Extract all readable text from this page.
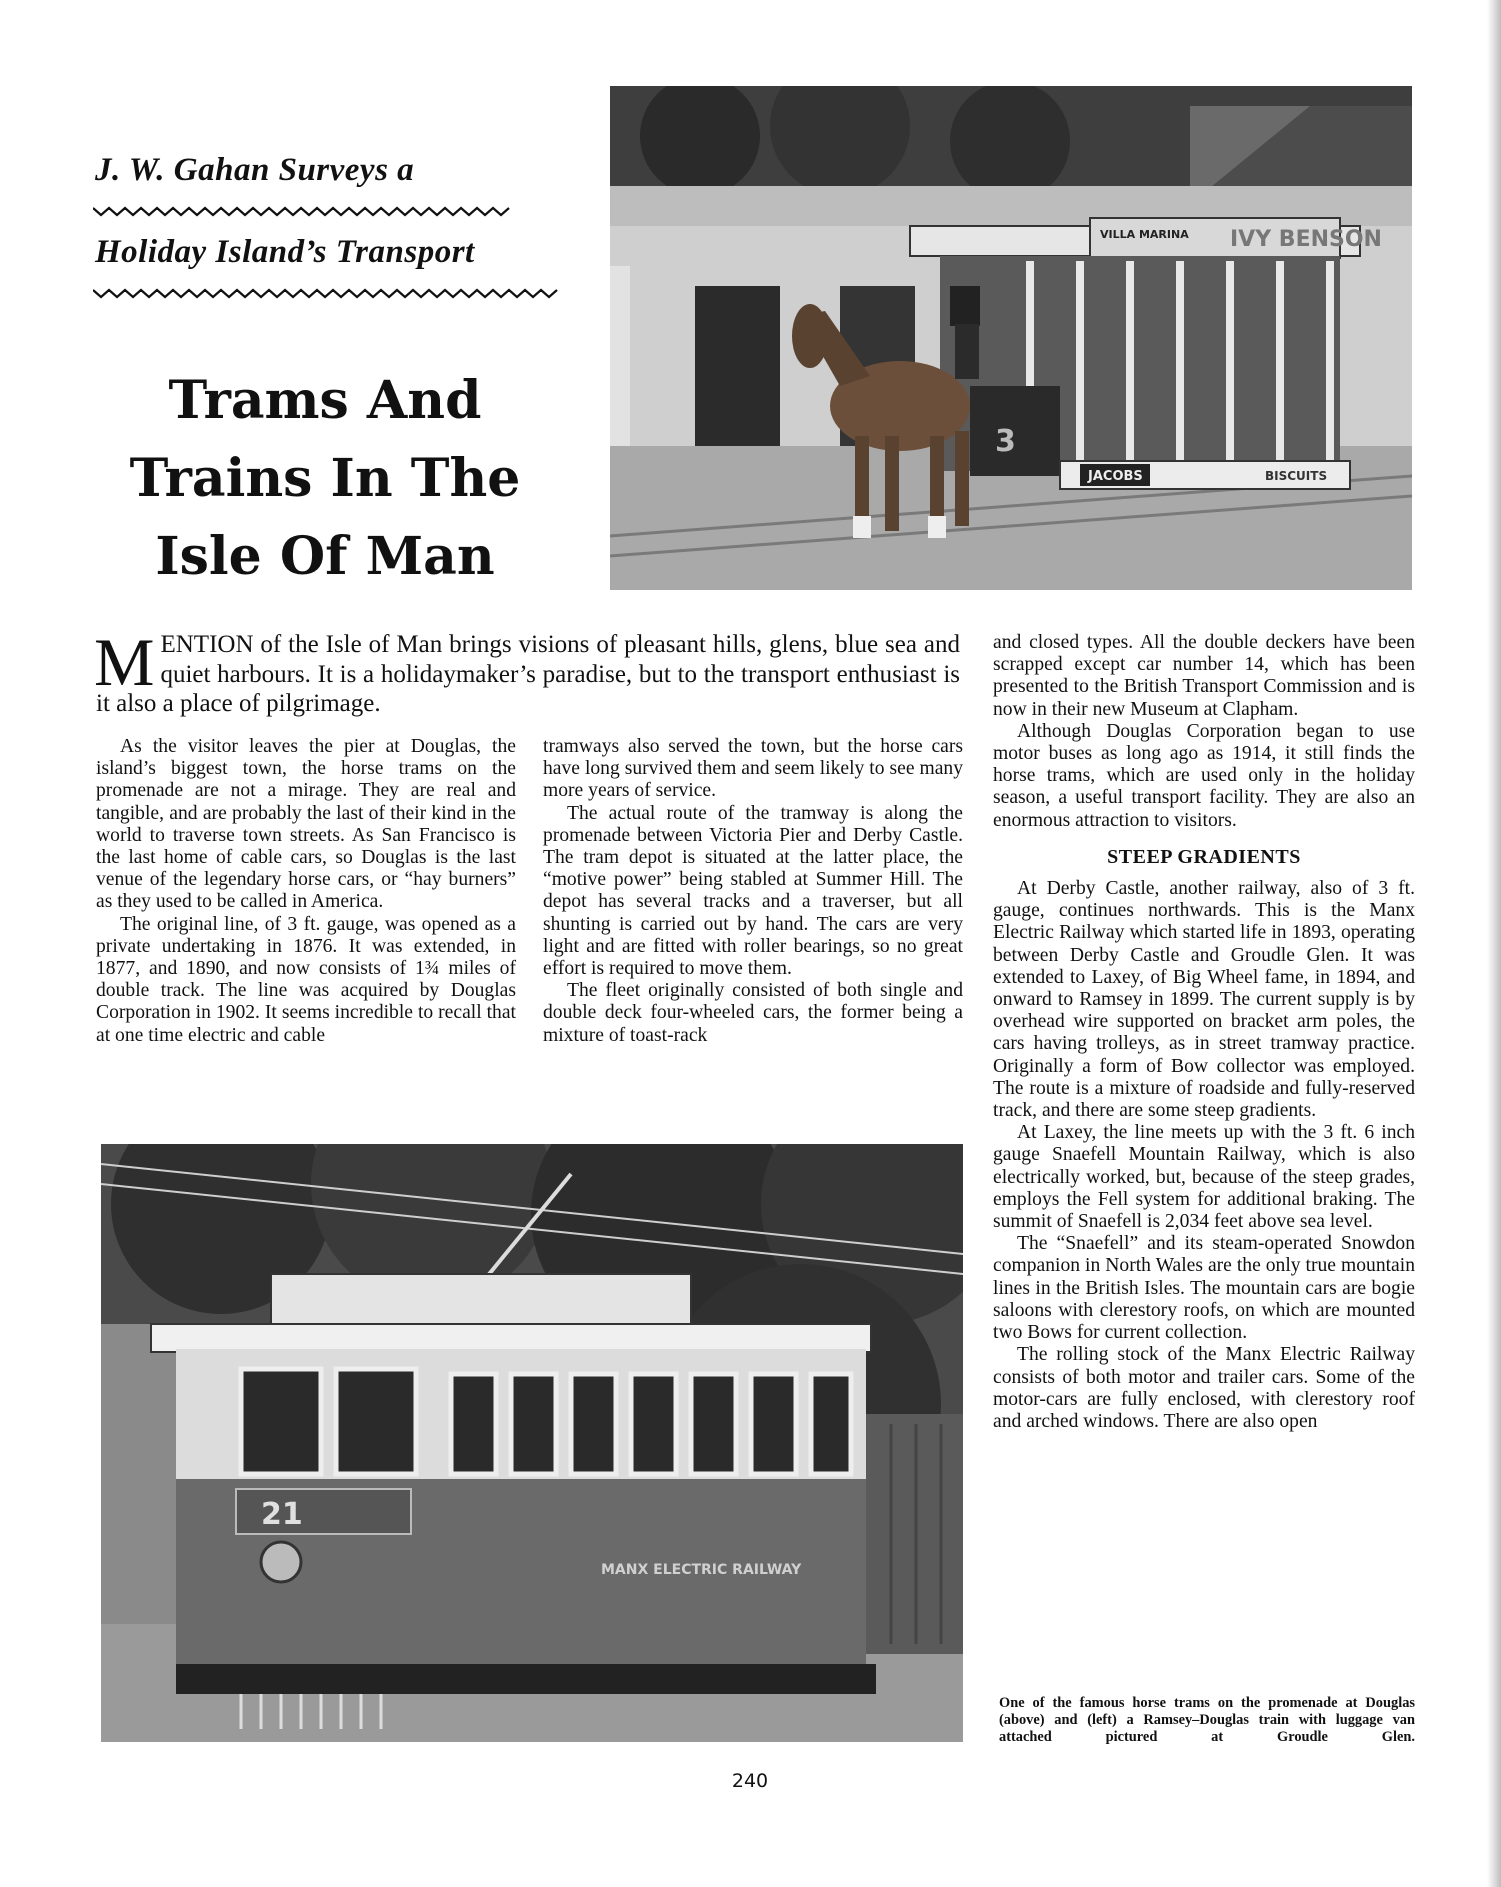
J. W. Gahan Surveys a
Holiday Island’s Transport
Trams And
Trains In The
Isle Of Man
VILLA MARINA IVY BENSON
3
JACOBS	BISCUITS
MENTION of the Isle of Man brings visions of pleasant hills, glens, blue sea and quiet harbours. It is a holidaymaker’s paradise, but to the transport enthusiast is it also a place of pilgrimage.

As the visitor leaves the pier at Douglas, the island’s biggest town, the horse trams on the promenade are not a mirage. They are real and tangible, and are probably the last of their kind in the world to traverse town streets. As San Francisco is the last home of cable cars, so Douglas is the last venue of the legendary horse cars, or “hay burners” as they used to be called in America.

The original line, of 3 ft. gauge, was opened as a private undertaking in 1876. It was extended, in 1877, and 1890, and now consists of 1¾ miles of double track. The line was acquired by Douglas Corporation in 1902. It seems incredible to recall that at one time electric and cable

tramways also served the town, but the horse cars have long survived them and seem likely to see many more years of service.

The actual route of the tramway is along the promenade between Victoria Pier and Derby Castle. The tram depot is situated at the latter place, the “motive power” being stabled at Summer Hill. The depot has several tracks and a traverser, but all shunting is carried out by hand. The cars are very light and are fitted with roller bearings, so no great effort is required to move them.

The fleet originally consisted of both single and double deck four-wheeled cars, the former being a mixture of toast-rack

and closed types. All the double deckers have been scrapped except car number 14, which has been presented to the British Transport Commission and is now in their new Museum at Clapham.

Although Douglas Corporation began to use motor buses as long ago as 1914, it still finds the horse trams, which are used only in the holiday season, a useful transport facility. They are also an enormous attraction to visitors.

STEEP GRADIENTS

At Derby Castle, another railway, also of 3 ft. gauge, continues northwards. This is the Manx Electric Railway which started life in 1893, operating between Derby Castle and Groudle Glen. It was extended to Laxey, of Big Wheel fame, in 1894, and onward to Ramsey in 1899. The current supply is by overhead wire supported on bracket arm poles, the cars having trolleys, as in street tramway practice. Originally a form of Bow collector was employed. The route is a mixture of roadside and fully-reserved track, and there are some steep gradients.

At Laxey, the line meets up with the 3 ft. 6 inch gauge Snaefell Mountain Railway, which is also electrically worked, but, because of the steep grades, employs the Fell system for additional braking. The summit of Snaefell is 2,034 feet above sea level.

The “Snaefell” and its steam-operated Snowdon companion in North Wales are the only true mountain lines in the British Isles. The mountain cars are bogie saloons with clerestory roofs, on which are mounted two Bows for current collection.

The rolling stock of the Manx Electric Railway consists of both motor and trailer cars. Some of the motor-cars are fully enclosed, with clerestory roof and arched windows. There are also open

21
MANX ELECTRIC RAILWAY
One of the famous horse trams on the promenade at Douglas (above) and (left) a Ramsey–Douglas train with luggage van attached pictured at Groudle Glen.
240
